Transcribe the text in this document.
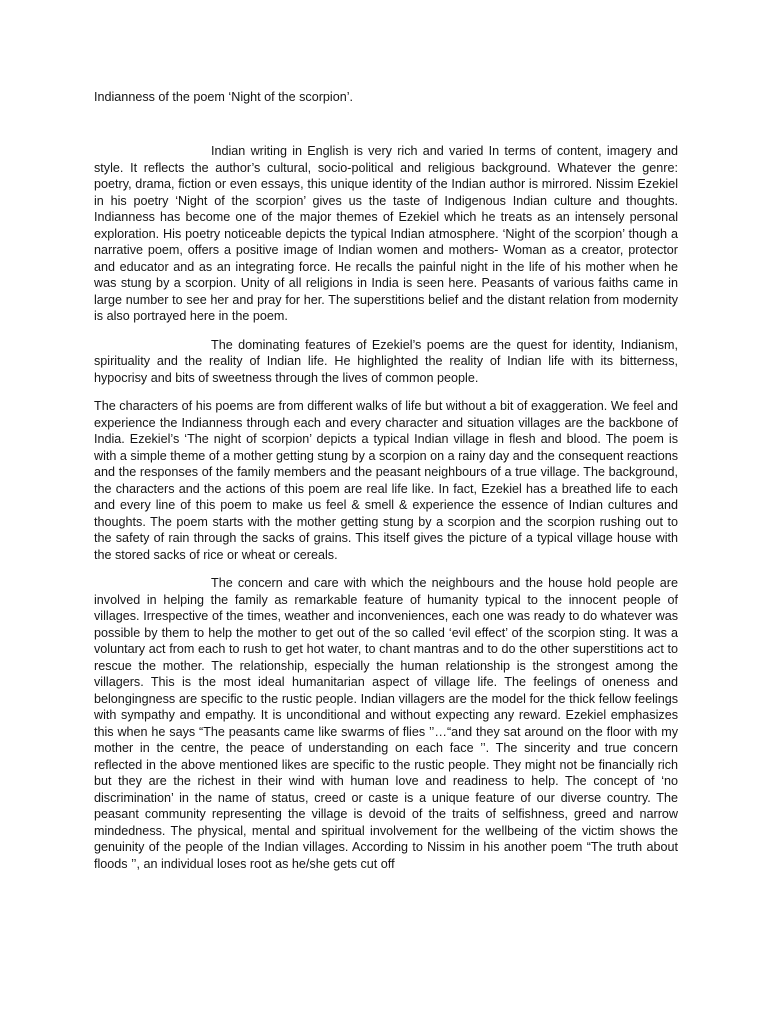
Indianness of the poem ‘Night of the scorpion’.

Indian writing in English is very rich and varied In terms of content, imagery and style. It reflects the author’s cultural, socio-political and religious background. Whatever the genre: poetry, drama, fiction or even essays, this unique identity of the Indian author is mirrored. Nissim Ezekiel in his poetry ‘Night of the scorpion’ gives us the taste of Indigenous Indian culture and thoughts. Indianness has become one of the major themes of Ezekiel which he treats as an intensely personal exploration. His poetry noticeable depicts the typical Indian atmosphere. ‘Night of the scorpion’ though a narrative poem, offers a positive image of Indian women and mothers- Woman as a creator, protector and educator and as an integrating force. He recalls the painful night in the life of his mother when he was stung by a scorpion. Unity of all religions in India is seen here. Peasants of various faiths came in large number to see her and pray for her. The superstitions belief and the distant relation from modernity is also portrayed here in the poem.

The dominating features of Ezekiel’s poems are the quest for identity, Indianism, spirituality and the reality of Indian life. He highlighted the reality of Indian life with its bitterness, hypocrisy and bits of sweetness through the lives of common people.

The characters of his poems are from different walks of life but without a bit of exaggeration. We feel and experience the Indianness through each and every character and situation villages are the backbone of India. Ezekiel’s ‘The night of scorpion’ depicts a typical Indian village in flesh and blood. The poem is with a simple theme of a mother getting stung by a scorpion on a rainy day and the consequent reactions and the responses of the family members and the peasant neighbours of a true village. The background, the characters and the actions of this poem are real life like. In fact, Ezekiel has a breathed life to each and every line of this poem to make us feel & smell & experience the essence of Indian cultures and thoughts. The poem starts with the mother getting stung by a scorpion and the scorpion rushing out to the safety of rain through the sacks of grains. This itself gives the picture of a typical village house with the stored sacks of rice or wheat or cereals.

The concern and care with which the neighbours and the house hold people are involved in helping the family as remarkable feature of humanity typical to the innocent people of villages. Irrespective of the times, weather and inconveniences, each one was ready to do whatever was possible by them to help the mother to get out of the so called ‘evil effect’ of the scorpion sting. It was a voluntary act from each to rush to get hot water, to chant mantras and to do the other superstitions act to rescue the mother. The relationship, especially the human relationship is the strongest among the villagers. This is the most ideal humanitarian aspect of village life. The feelings of oneness and belongingness are specific to the rustic people. Indian villagers are the model for the thick fellow feelings with sympathy and empathy. It is unconditional and without expecting any reward. Ezekiel emphasizes this when he says “The peasants came like swarms of flies ’’…“and they sat around on the floor with my mother in the centre, the peace of understanding on each face ’’. The sincerity and true concern reflected in the above mentioned likes are specific to the rustic people. They might not be financially rich but they are the richest in their wind with human love and readiness to help. The concept of ‘no discrimination’ in the name of status, creed or caste is a unique feature of our diverse country. The peasant community representing the village is devoid of the traits of selfishness, greed and narrow mindedness. The physical, mental and spiritual involvement for the wellbeing of the victim shows the genuinity of the people of the Indian villages. According to Nissim in his another poem “The truth about floods ’’, an individual loses root as he/she gets cut off
